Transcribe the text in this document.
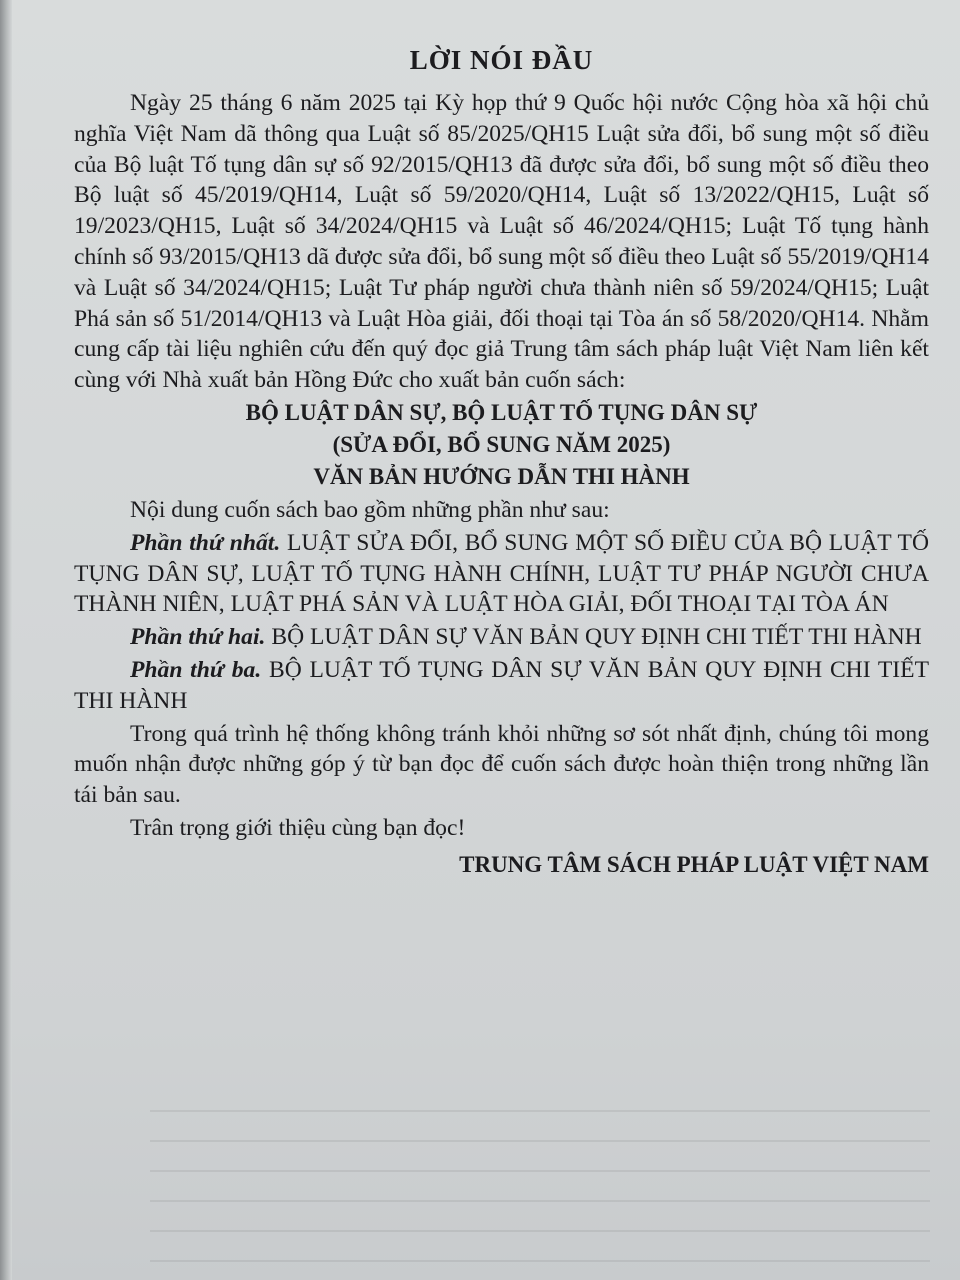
LỜI NÓI ĐẦU

Ngày 25 tháng 6 năm 2025 tại Kỳ họp thứ 9 Quốc hội nước Cộng hòa xã hội chủ nghĩa Việt Nam dã thông qua Luật số 85/2025/QH15 Luật sửa đổi, bổ sung một số điều của Bộ luật Tố tụng dân sự số 92/2015/QH13 đã được sửa đổi, bổ sung một số điều theo Bộ luật số 45/2019/QH14, Luật số 59/2020/QH14, Luật số 13/2022/QH15, Luật số 19/2023/QH15, Luật số 34/2024/QH15 và Luật số 46/2024/QH15; Luật Tố tụng hành chính số 93/2015/QH13 dã được sửa đổi, bổ sung một số điều theo Luật số 55/2019/QH14 và Luật số 34/2024/QH15; Luật Tư pháp người chưa thành niên số 59/2024/QH15; Luật Phá sản số 51/2014/QH13 và Luật Hòa giải, đối thoại tại Tòa án số 58/2020/QH14. Nhằm cung cấp tài liệu nghiên cứu đến quý đọc giả Trung tâm sách pháp luật Việt Nam liên kết cùng với Nhà xuất bản Hồng Đức cho xuất bản cuốn sách:

BỘ LUẬT DÂN SỰ, BỘ LUẬT TỐ TỤNG DÂN SỰ
(SỬA ĐỔI, BỔ SUNG NĂM 2025)
VĂN BẢN HƯỚNG DẪN THI HÀNH

Nội dung cuốn sách bao gồm những phần như sau:

Phần thứ nhất. LUẬT SỬA ĐỔI, BỔ SUNG MỘT SỐ ĐIỀU CỦA BỘ LUẬT TỐ TỤNG DÂN SỰ, LUẬT TỐ TỤNG HÀNH CHÍNH, LUẬT TƯ PHÁP NGƯỜI CHƯA THÀNH NIÊN, LUẬT PHÁ SẢN VÀ LUẬT HÒA GIẢI, ĐỐI THOẠI TẠI TÒA ÁN

Phần thứ hai. BỘ LUẬT DÂN SỰ VĂN BẢN QUY ĐỊNH CHI TIẾT THI HÀNH

Phần thứ ba. BỘ LUẬT TỐ TỤNG DÂN SỰ VĂN BẢN QUY ĐỊNH CHI TIẾT THI HÀNH

Trong quá trình hệ thống không tránh khỏi những sơ sót nhất định, chúng tôi mong muốn nhận được những góp ý từ bạn đọc để cuốn sách được hoàn thiện trong những lần tái bản sau.

Trân trọng giới thiệu cùng bạn đọc!

TRUNG TÂM SÁCH PHÁP LUẬT VIỆT NAM
